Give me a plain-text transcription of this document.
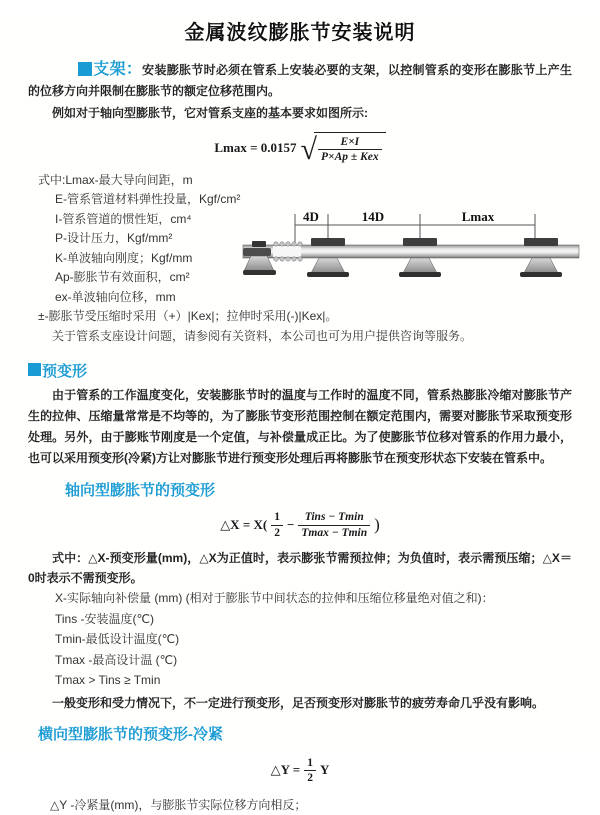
金属波纹膨胀节安装说明

支架：安装膨胀节时必须在管系上安装必要的支架，以控制管系的变形在膨胀节上产生的位移方向并限制在膨胀节的额定位移范围内。

例如对于轴向型膨胀节，它对管系支座的基本要求如图所示:

Lmax = 0.0157 √ $\frac{E\times I}{\text{P×Ap ± Kex}}$
式中:Lmax-最大导向间距，m
E-管系管道材料弹性投量，Kgf/cm²
I-管系管道的惯性矩，cm⁴
P-设计压力，Kgf/mm²
K-单波轴向刚度；Kgf/mm
Ap-膨胀节有效面积，cm²
ex-单波轴向位移，mm
±-膨胀节受压缩时采用（+）|Kex|；拉伸时采用(-)|Kex|。
关于管系支座设计问题，请参阅有关资料，本公司也可为用户提供咨询等服务。
4D	14D	Lmax
预变形

由于管系的工作温度变化，安装膨胀节时的温度与工作时的温度不同，管系热膨胀冷缩对膨胀节产生的拉伸、压缩量常常是不均等的，为了膨胀节变形范围控制在额定范围内，需要对膨胀节采取预变形处理。另外，由于膨账节刚度是一个定值，与补偿量成正比。为了使膨胀节位移对管系的作用力最小，也可以采用预变形(冷紧)方让对膨胀节进行预变形处理后再将膨胀节在预变形状态下安装在管系中。

轴向型膨胀节的预变形
△X = $X( \frac{1}{2} - \frac{\text{Tins − Tmin}}{Tmax - Tmin}$ )

式中：△X-预变形量(mm)，△X为正值时，表示膨张节需预拉伸；为负值时，表示需预压缩；△X＝0时表示不需预变形。

X-实际轴向补偿量 (mm) (相对于膨胀节中间状态的拉伸和压缩位移量绝对值之和)：
Tins -安装温度(℃)
Tmin-最低设计温度(℃)
Tmax -最高设计温 (℃)
Tmax > Tins ≥ Tmin

一般变形和受力情况下，不一定进行预变形，足否预变形对膨胀节的疲劳寿命几乎没有影响。

横向型膨胀节的预变形-冷紧
△Y = $\frac{1}{2}$ Y
△Y -冷紧量(mm)，与膨胀节实际位移方向相反；
